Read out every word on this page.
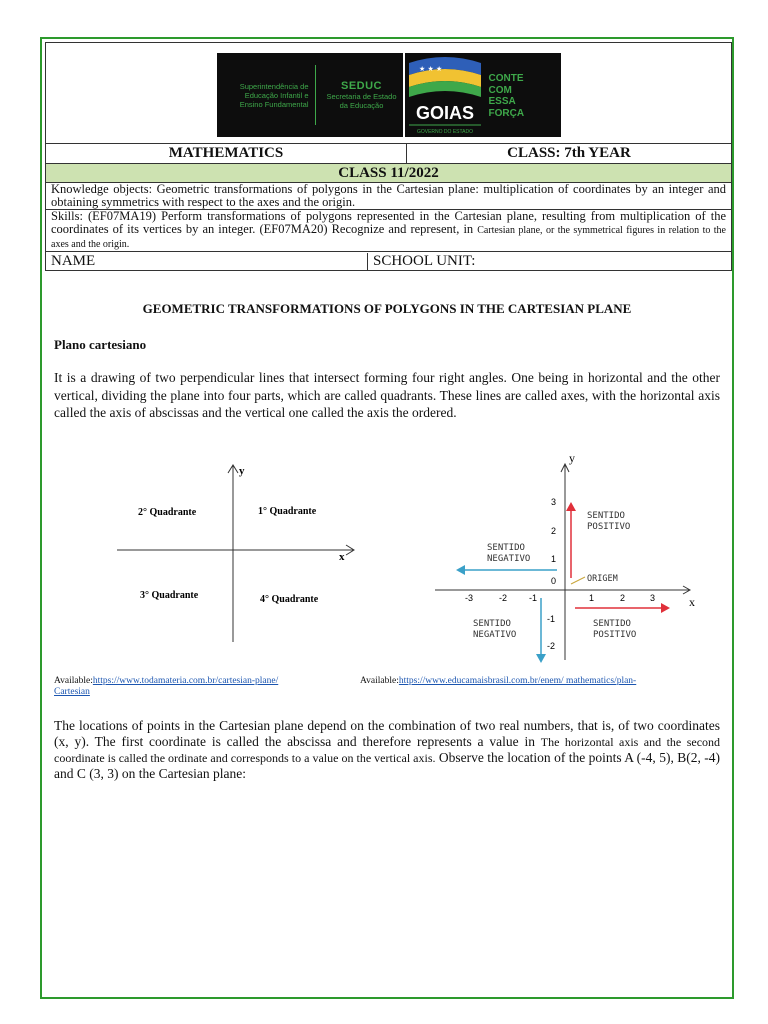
Superintendência de Educação Infantil e Ensino Fundamental
SEDUC
Secretaria de Estado da Educação
★ ★ ★
GOIAS
GOVERNO DO ESTADO
CONTE
COM
ESSA
FORÇA

MATHEMATICS	CLASS: 7th YEAR
CLASS 11/2022
Knowledge objects: Geometric transformations of polygons in the Cartesian plane: multiplication of coordinates by an integer and obtaining symmetrics with respect to the axes and the origin.
Skills: (EF07MA19) Perform transformations of polygons represented in the Cartesian plane, resulting from multiplication of the coordinates of its vertices by an integer. (EF07MA20) Recognize and represent, in Cartesian plane, or the symmetrical figures in relation to the axes and the origin.

NAME	SCHOOL UNIT:
GEOMETRIC TRANSFORMATIONS OF POLYGONS IN THE CARTESIAN PLANE
Plano cartesiano
It is a drawing of two perpendicular lines that intersect forming four right angles. One being in horizontal and the other vertical, dividing the plane into four parts, which are called quadrants. These lines are called axes, with the horizontal axis called the axis of abscissas and the vertical one called the axis the ordered.
y
x
2° Quadrante	1° Quadrante
3° Quadrante	4° Quadrante
y
x
-3	-2 -1	1	2	3
3
2
1
0
-1
-2
SENTIDO
POSITIVO
SENTIDO
NEGATIVO
ORIGEM
SENTIDO
NEGATIVO
SENTIDO
POSITIVO
Available:https://www.todamateria.com.br/cartesian-plane/
Cartesian
Available:https://www.educamaisbrasil.com.br/enem/ mathematics/plan-
The locations of points in the Cartesian plane depend on the combination of two real numbers, that is, of two coordinates (x, y). The first coordinate is called the abscissa and therefore represents a value in The horizontal axis and the second coordinate is called the ordinate and corresponds to a value on the vertical axis. Observe the location of the points A (-4, 5), B(2, -4) and C (3, 3) on the Cartesian plane:
